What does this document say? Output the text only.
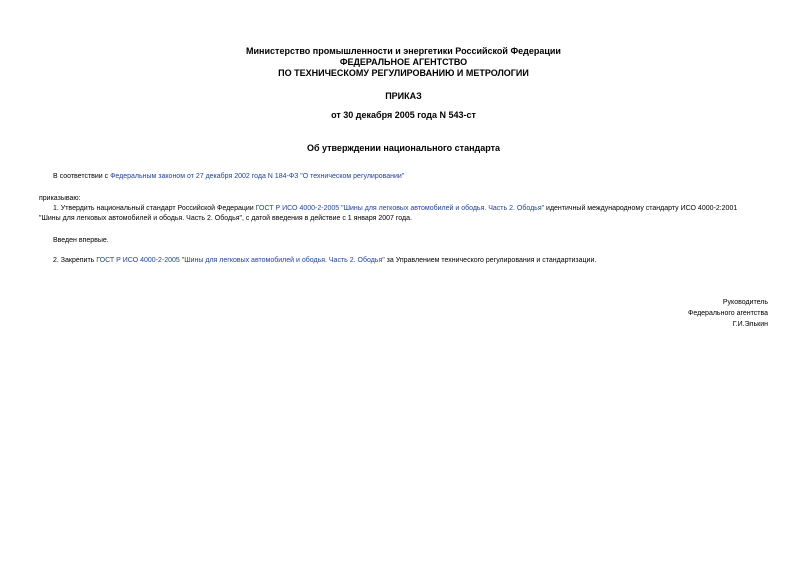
Министерство промышленности и энергетики Российской Федерации
ФЕДЕРАЛЬНОЕ АГЕНТСТВО
ПО ТЕХНИЧЕСКОМУ РЕГУЛИРОВАНИЮ И МЕТРОЛОГИИ
ПРИКАЗ
от 30 декабря 2005 года N 543-ст
Об утверждении национального стандарта
В соответствии с Федеральным законом от 27 декабря 2002 года N 184-ФЗ "О техническом регулировании"
приказываю:
1. Утвердить национальный стандарт Российской Федерации ГОСТ Р ИСО 4000-2-2005 "Шины для легковых автомобилей и ободья. Часть 2. Ободья" идентичный международному стандарту ИСО 4000-2:2001
"Шины для легковых автомобилей и ободья. Часть 2. Ободья", с датой введения в действие с 1 января 2007 года.
Введен впервые.
2. Закрепить ГОСТ Р ИСО 4000-2-2005 "Шины для легковых автомобилей и ободья. Часть 2. Ободья" за Управлением технического регулирования и стандартизации.
Руководитель
Федерального агентства
Г.И.Элькин
